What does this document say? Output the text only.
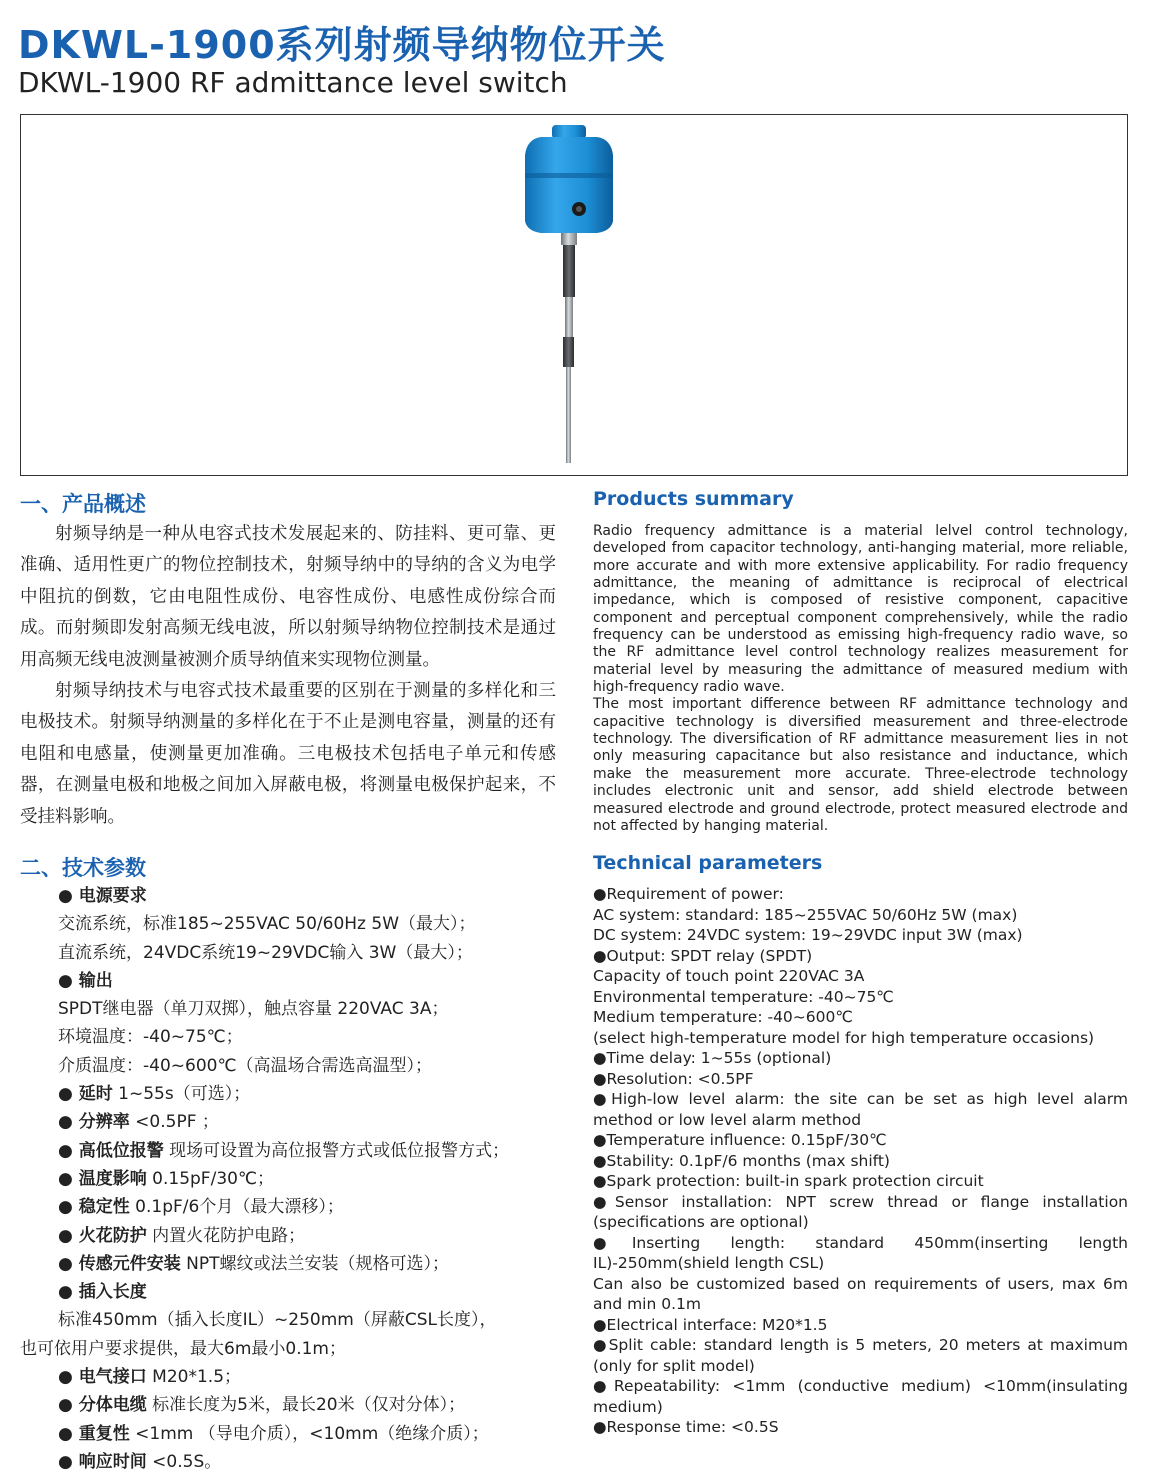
DKWL-1900系列射频导纳物位开关
DKWL-1900 RF admittance level switch
一、产品概述	Products summary

射频导纳是一种从电容式技术发展起来的、防挂料、更可靠、更准确、适用性更广的物位控制技术，射频导纳中的导纳的含义为电学中阻抗的倒数，它由电阻性成份、电容性成份、电感性成份综合而成。而射频即发射高频无线电波，所以射频导纳物位控制技术是通过用高频无线电波测量被测介质导纳值来实现物位测量。

射频导纳技术与电容式技术最重要的区别在于测量的多样化和三电极技术。射频导纳测量的多样化在于不止是测电容量，测量的还有电阻和电感量，使测量更加准确。三电极技术包括电子单元和传感器，在测量电极和地极之间加入屏蔽电极，将测量电极保护起来，不受挂料影响。

Radio frequency admittance is a material lelvel control technology, developed from capacitor technology, anti-hanging material, more reliable, more accurate and with more extensive applicability. For radio frequency admittance, the meaning of admittance is reciprocal of electrical impedance, which is composed of resistive component, capacitive component and perceptual component comprehensively, while the radio frequency can be understood as emissing high-frequency radio wave, so the RF admittance level control technology realizes measurement for material level by measuring the admittance of measured medium with high-frequency radio wave.

The most important difference between RF admittance technology and capacitive technology is diversified measurement and three-electrode technology. The diversification of RF admittance measurement lies in not only measuring capacitance but also resistance and inductance, which make the measurement more accurate. Three-electrode technology includes electronic unit and sensor, add shield electrode between measured electrode and ground electrode, protect measured electrode and not affected by hanging material.

二、技术参数	Technical parameters
● 电源要求
交流系统，标准185~255VAC 50/60Hz 5W（最大）；
直流系统，24VDC系统19~29VDC输入 3W（最大）；
● 输出
SPDT继电器（单刀双掷），触点容量 220VAC 3A；
环境温度：-40~75℃；
介质温度：-40~600℃（高温场合需选高温型）；
● 延时 1~55s（可选）；
● 分辨率 <0.5PF ；
● 高低位报警 现场可设置为高位报警方式或低位报警方式；
● 温度影响 0.15pF/30℃；
● 稳定性 0.1pF/6个月（最大漂移）；
● 火花防护 内置火花防护电路；
● 传感元件安装 NPT螺纹或法兰安装（规格可选）；
● 插入长度
标准450mm（插入长度IL）~250mm（屏蔽CSL长度），
也可依用户要求提供，最大6m最小0.1m；
● 电气接口 M20*1.5；
● 分体电缆 标准长度为5米，最长20米（仅对分体）；
● 重复性 <1mm （导电介质），<10mm（绝缘介质）；
● 响应时间 <0.5S。
●Requirement of power:
AC system: standard: 185~255VAC 50/60Hz 5W (max)
DC system: 24VDC system: 19~29VDC input 3W (max)
●Output: SPDT relay (SPDT)
Capacity of touch point 220VAC 3A
Environmental temperature: -40~75℃
Medium temperature: -40~600℃
(select high-temperature model for high temperature occasions)
●Time delay: 1~55s (optional)
●Resolution: <0.5PF
●High-low level alarm: the site can be set as high level alarm method or low level alarm method
●Temperature influence: 0.15pF/30℃
●Stability: 0.1pF/6 months (max shift)
●Spark protection: built-in spark protection circuit
●Sensor installation: NPT screw thread or flange installation (specifications are optional)
●Inserting length: standard 450mm(inserting length IL)-250mm(shield length CSL)
Can also be customized based on requirements of users, max 6m and min 0.1m
●Electrical interface: M20*1.5
●Split cable: standard length is 5 meters, 20 meters at maximum (only for split model)
●Repeatability: <1mm (conductive medium) <10mm(insulating medium)
●Response time: <0.5S
